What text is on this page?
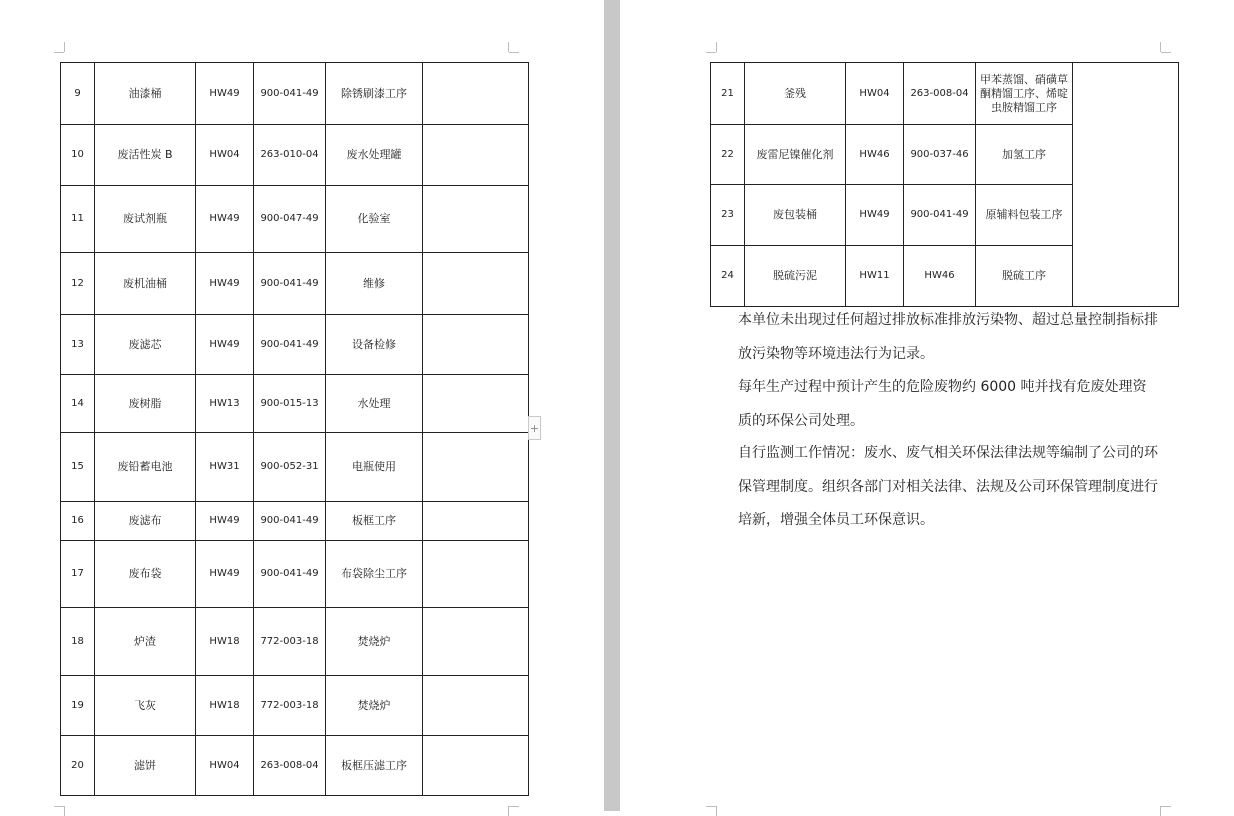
9	油漆桶	HW49	900-041-49	除锈刷漆工序	
10	废活性炭 B	HW04	263-010-04	废水处理罐	
11	废试剂瓶	HW49	900-047-49	化验室	
12	废机油桶	HW49	900-041-49	维修	
13	废滤芯	HW49	900-041-49	设备检修	
14	废树脂	HW13	900-015-13	水处理	
15	废铅蓄电池	HW31	900-052-31	电瓶使用	
16	废滤布	HW49	900-041-49	板框工序	
17	废布袋	HW49	900-041-49	布袋除尘工序	
18	炉渣	HW18	772-003-18	焚烧炉	
19	飞灰	HW18	772-003-18	焚烧炉	
20	滤饼	HW04	263-008-04	板框压滤工序	
+
21	釜残	HW04	263-008-04	甲苯蒸馏、硝磺草酮精馏工序、烯啶虫胺精馏工序	
22	废雷尼镍催化剂	HW46	900-037-46	加氢工序	
23	废包装桶	HW49	900-041-49	原辅料包装工序	
24	脱硫污泥	HW11	HW46	脱硫工序	

本单位未出现过任何超过排放标准排放污染物、超过总量控制指标排放污染物等环境违法行为记录。

每年生产过程中预计产生的危险废物约 6000 吨并找有危废处理资质的环保公司处理。

自行监测工作情况：废水、废气相关环保法律法规等编制了公司的环保管理制度。组织各部门对相关法律、法规及公司环保管理制度进行培新，增强全体员工环保意识。
